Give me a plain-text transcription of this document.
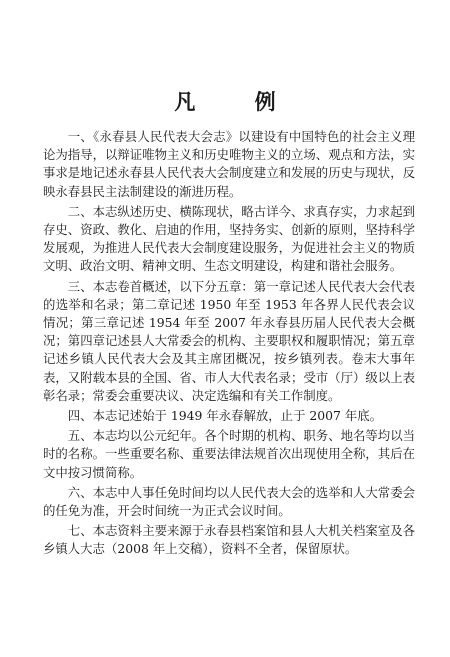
凡 例

一、《永春县人民代表大会志》以建设有中国特色的社会主义理论为指导，以辩证唯物主义和历史唯物主义的立场、观点和方法，实事求是地记述永春县人民代表大会制度建立和发展的历史与现状，反映永春县民主法制建设的渐进历程。

二、本志纵述历史、横陈现状，略古详今、求真存实，力求起到存史、资政、教化、启迪的作用，坚持务实、创新的原则，坚持科学发展观，为推进人民代表大会制度建设服务，为促进社会主义的物质文明、政治文明、精神文明、生态文明建设，构建和谐社会服务。

三、本志卷首概述，以下分五章：第一章记述人民代表大会代表的选举和名录；第二章记述 1950 年至 1953 年各界人民代表会议情况；第三章记述 1954 年至 2007 年永春县历届人民代表大会概况；第四章记述县人大常委会的机构、主要职权和履职情况；第五章记述乡镇人民代表大会及其主席团概况，按乡镇列表。卷末大事年表，又附载本县的全国、省、市人大代表名录；受市（厅）级以上表彰名录；常委会重要决议、决定选编和有关工作制度。

四、本志记述始于 1949 年永春解放，止于 2007 年底。

五、本志均以公元纪年。各个时期的机构、职务、地名等均以当时的名称。一些重要名称、重要法律法规首次出现使用全称，其后在文中按习惯简称。

六、本志中人事任免时间均以人民代表大会的选举和人大常委会的任免为准，开会时间统一为正式会议时间。

七、本志资料主要来源于永春县档案馆和县人大机关档案室及各乡镇人大志（2008 年上交稿），资料不全者，保留原状。
